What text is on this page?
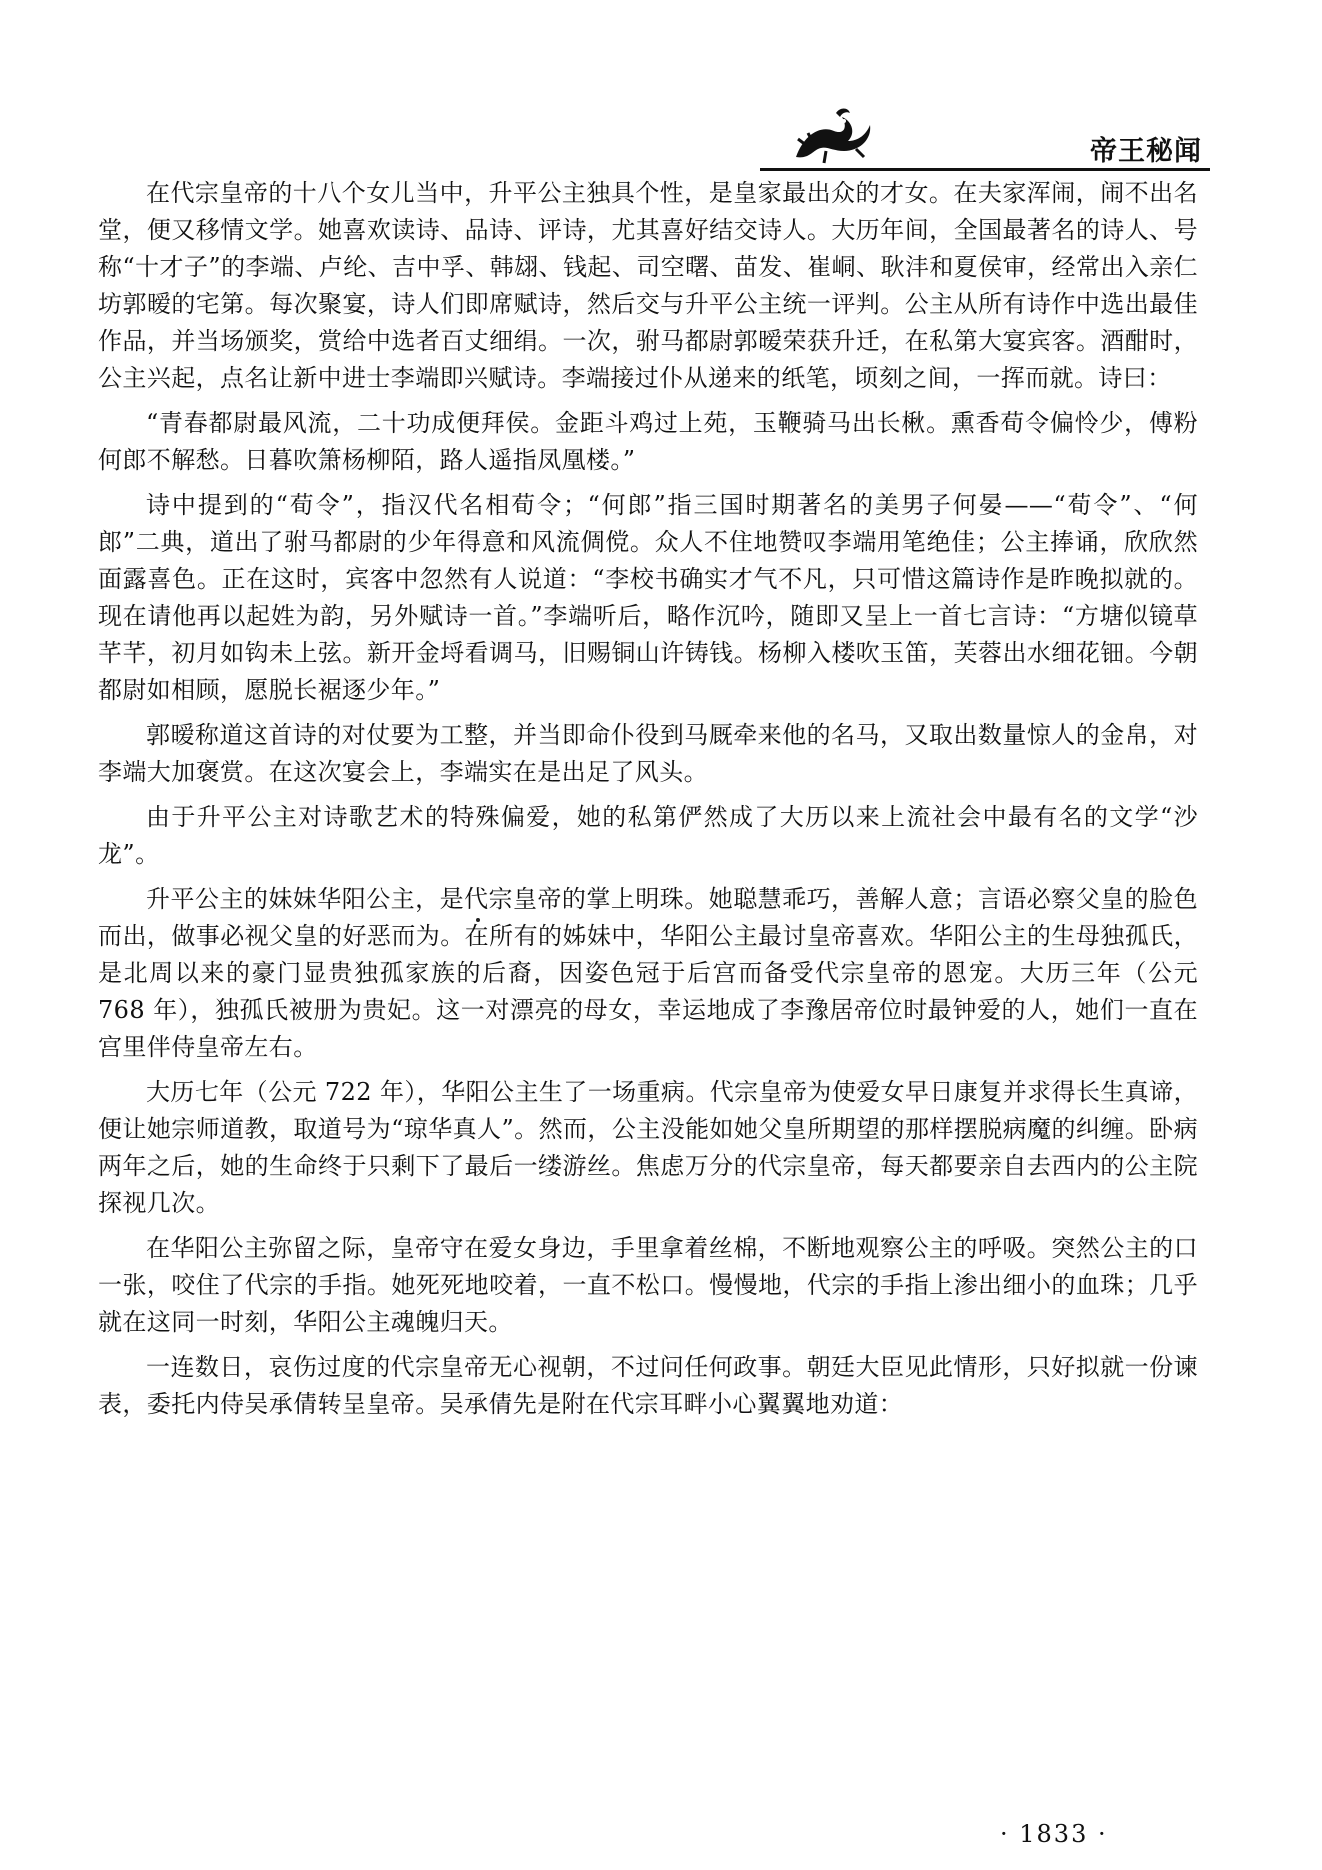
帝王秘闻

在代宗皇帝的十八个女儿当中，升平公主独具个性，是皇家最出众的才女。在夫家浑闹，闹不出名堂，便又移情文学。她喜欢读诗、品诗、评诗，尤其喜好结交诗人。大历年间，全国最著名的诗人、号称“十才子”的李端、卢纶、吉中孚、韩翃、钱起、司空曙、苗发、崔峒、耿沣和夏侯审，经常出入亲仁坊郭暧的宅第。每次聚宴，诗人们即席赋诗，然后交与升平公主统一评判。公主从所有诗作中选出最佳作品，并当场颁奖，赏给中选者百丈细绢。一次，驸马都尉郭暧荣获升迁，在私第大宴宾客。酒酣时，公主兴起，点名让新中进士李端即兴赋诗。李端接过仆从递来的纸笔，顷刻之间，一挥而就。诗曰：

“青春都尉最风流，二十功成便拜侯。金距斗鸡过上苑，玉鞭骑马出长楸。熏香荀令偏怜少，傅粉何郎不解愁。日暮吹箫杨柳陌，路人遥指凤凰楼。”

诗中提到的“荀令”，指汉代名相荀令；“何郎”指三国时期著名的美男子何晏——“荀令”、“何郎”二典，道出了驸马都尉的少年得意和风流倜傥。众人不住地赞叹李端用笔绝佳；公主捧诵，欣欣然面露喜色。正在这时，宾客中忽然有人说道：“李校书确实才气不凡，只可惜这篇诗作是昨晚拟就的。现在请他再以起姓为韵，另外赋诗一首。”李端听后，略作沉吟，随即又呈上一首七言诗：“方塘似镜草芊芊，初月如钩未上弦。新开金埒看调马，旧赐铜山许铸钱。杨柳入楼吹玉笛，芙蓉出水细花钿。今朝都尉如相顾，愿脱长裾逐少年。”

郭暧称道这首诗的对仗要为工整，并当即命仆役到马厩牵来他的名马，又取出数量惊人的金帛，对李端大加褒赏。在这次宴会上，李端实在是出足了风头。

由于升平公主对诗歌艺术的特殊偏爱，她的私第俨然成了大历以来上流社会中最有名的文学“沙龙”。

升平公主的妹妹华阳公主，是代宗皇帝的掌上明珠。她聪慧乖巧，善解人意；言语必察父皇的脸色而出，做事必视父皇的好恶而为。在所有的姊妹中，华阳公主最讨皇帝喜欢。华阳公主的生母独孤氏，是北周以来的豪门显贵独孤家族的后裔，因姿色冠于后宫而备受代宗皇帝的恩宠。大历三年（公元 768 年），独孤氏被册为贵妃。这一对漂亮的母女，幸运地成了李豫居帝位时最钟爱的人，她们一直在宫里伴侍皇帝左右。

大历七年（公元 722 年），华阳公主生了一场重病。代宗皇帝为使爱女早日康复并求得长生真谛，便让她宗师道教，取道号为“琼华真人”。然而，公主没能如她父皇所期望的那样摆脱病魔的纠缠。卧病两年之后，她的生命终于只剩下了最后一缕游丝。焦虑万分的代宗皇帝，每天都要亲自去西内的公主院探视几次。

在华阳公主弥留之际，皇帝守在爱女身边，手里拿着丝棉，不断地观察公主的呼吸。突然公主的口一张，咬住了代宗的手指。她死死地咬着，一直不松口。慢慢地，代宗的手指上渗出细小的血珠；几乎就在这同一时刻，华阳公主魂魄归天。

一连数日，哀伤过度的代宗皇帝无心视朝，不过问任何政事。朝廷大臣见此情形，只好拟就一份谏表，委托内侍吴承倩转呈皇帝。吴承倩先是附在代宗耳畔小心翼翼地劝道：

· 1833 ·
